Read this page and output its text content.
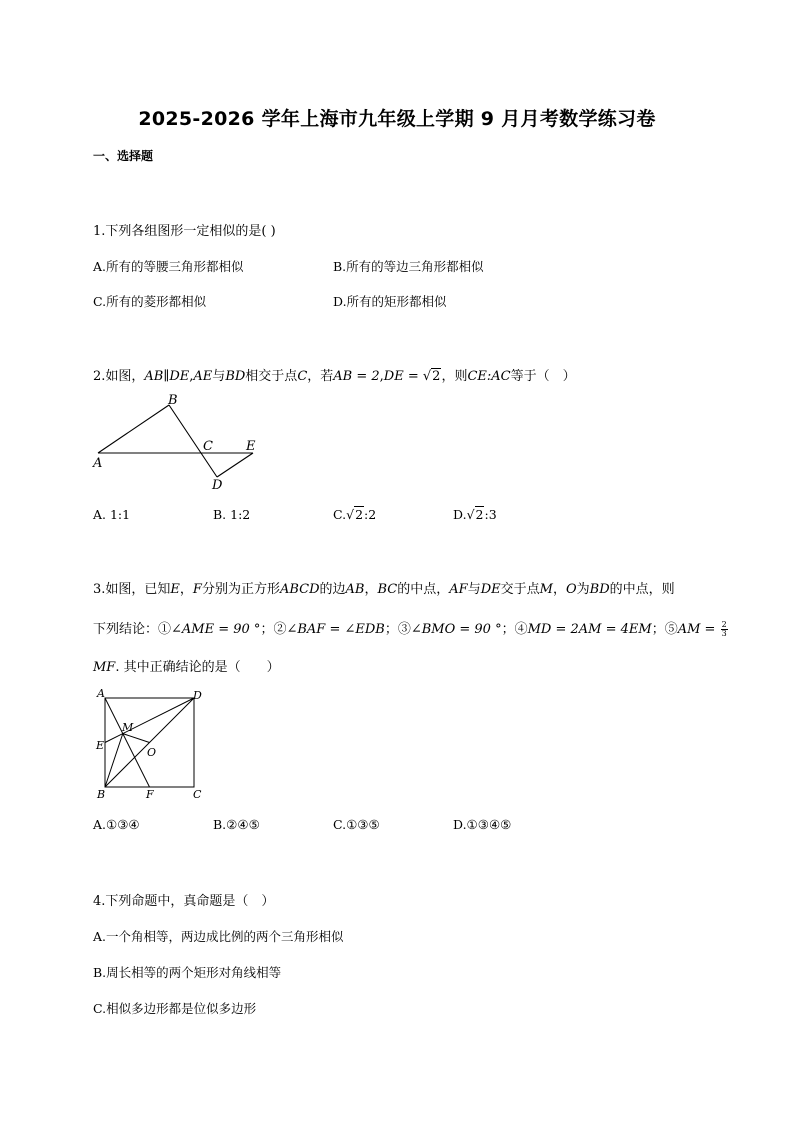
2025-2026 学年上海市九年级上学期 9 月月考数学练习卷
一、选择题
1.下列各组图形一定相似的是( )
A.所有的等腰三角形都相似	B.所有的等边三角形都相似
C.所有的菱形都相似	D.所有的矩形都相似
2.如图，AB∥DE,AE与BD相交于点C，若AB = 2,DE = √2，则CE:AC等于（　）
B
A
C	E
D
A. 1:1	B. 1:2	C.√2:2	D.√2:3
3.如图，已知E，F分别为正方形ABCD的边AB，BC的中点，AF与DE交于点M，O为BD的中点，则
下列结论：①∠AME = 90 °；②∠BAF = ∠EDB；③∠BMO = 90 °；④MD = 2AM = 4EM；⑤AM = $\frac{2}{3}$
MF. 其中正确结论的是（　　）
A	D
M
E
O
B	F	C
A.①③④	B.②④⑤	C.①③⑤	D.①③④⑤
4.下列命题中，真命题是（　）
A.一个角相等，两边成比例的两个三角形相似
B.周长相等的两个矩形对角线相等
C.相似多边形都是位似多边形
